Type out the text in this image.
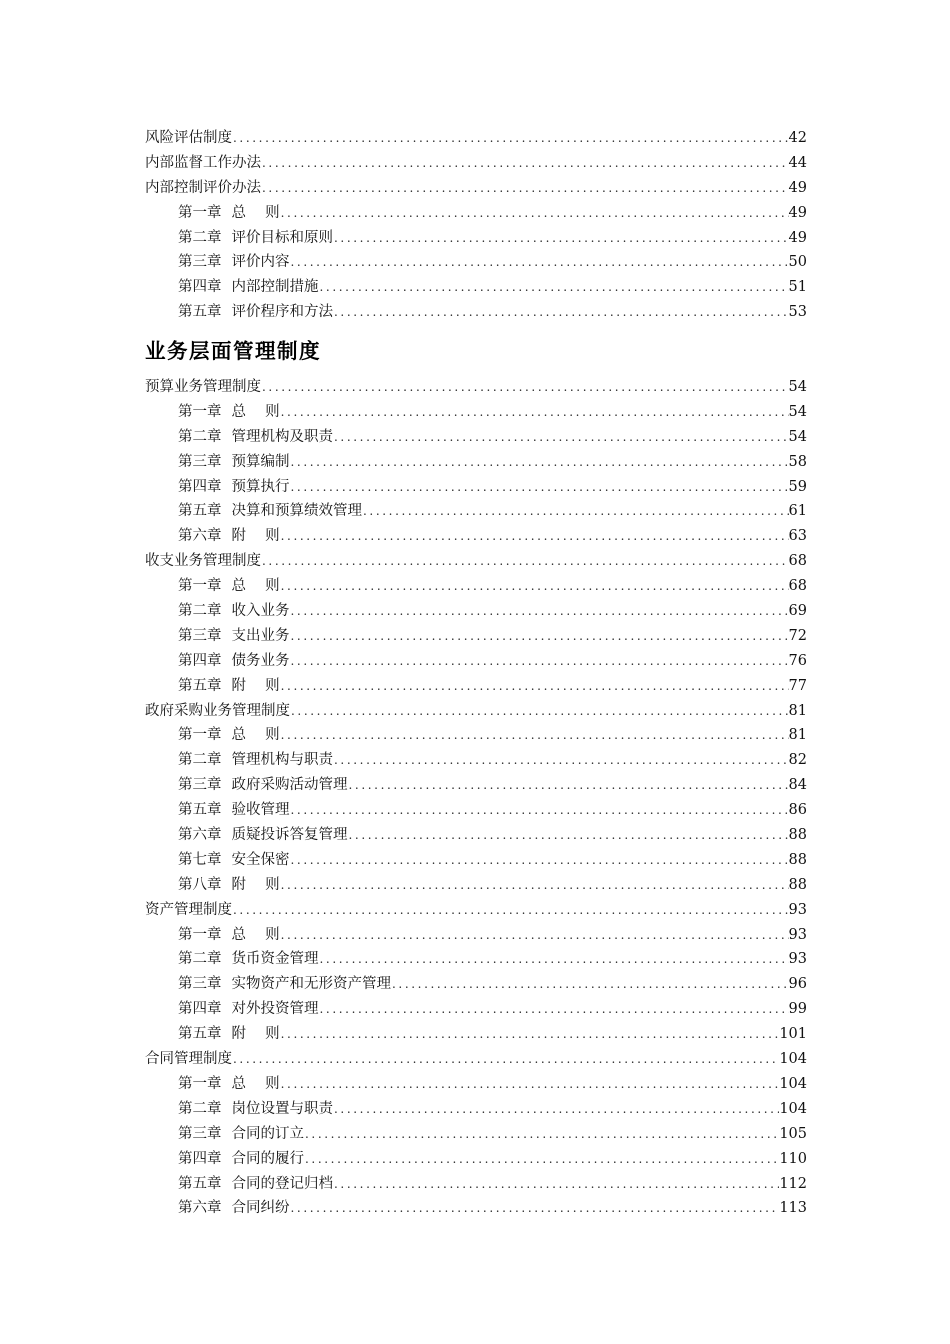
风险评估制度 .....	42
内部监督工作办法 .....	44
内部控制评价办法 .....	49
第一章 总　 则 .....	49
第二章 评价目标和原则 .....	49
第三章 评价内容 .....	50
第四章 内部控制措施 .....	51
第五章 评价程序和方法 .....	53
业务层面管理制度
预算业务管理制度 .....	54
第一章 总　 则 .....	54
第二章 管理机构及职责 .....	54
第三章 预算编制 .....	58
第四章 预算执行 .....	59
第五章 决算和预算绩效管理 .....	61
第六章 附　 则 .....	63
收支业务管理制度 .....	68
第一章 总　 则 .....	68
第二章 收入业务 .....	69
第三章 支出业务 .....	72
第四章 债务业务 .....	76
第五章 附　 则 .....	77
政府采购业务管理制度 .....	81
第一章 总　 则 .....	81
第二章 管理机构与职责 .....	82
第三章 政府采购活动管理 .....	84
第五章 验收管理 .....	86
第六章 质疑投诉答复管理 .....	88
第七章 安全保密 .....	88
第八章 附　 则 .....	88
资产管理制度 .....	93
第一章 总　 则 .....	93
第二章 货币资金管理 .....	93
第三章 实物资产和无形资产管理 .....	96
第四章 对外投资管理 .....	99
第五章 附　 则 .....	101
合同管理制度 .....	104
第一章 总　 则 .....	104
第二章 岗位设置与职责 .....	104
第三章 合同的订立 .....	105
第四章 合同的履行 .....	110
第五章 合同的登记归档 .....	112
第六章 合同纠纷 .....	113
